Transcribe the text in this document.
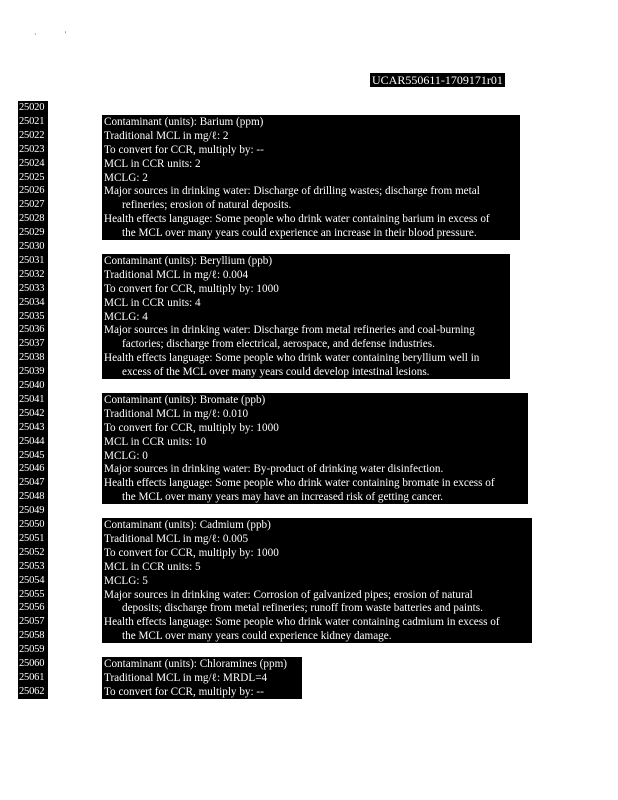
·	'
UCAR550611-1709171r01
25020
25021	Contaminant (units): Barium (ppm)
25022	Traditional MCL in mg/ℓ: 2
25023	To convert for CCR, multiply by: --
25024	MCL in CCR units: 2
25025	MCLG: 2
25026	Major sources in drinking water: Discharge of drilling wastes; discharge from metal
25027	refineries; erosion of natural deposits.
25028	Health effects language: Some people who drink water containing barium in excess of
25029	the MCL over many years could experience an increase in their blood pressure.
25030
25031	Contaminant (units): Beryllium (ppb)
25032	Traditional MCL in mg/ℓ: 0.004
25033	To convert for CCR, multiply by: 1000
25034	MCL in CCR units: 4
25035	MCLG: 4
25036	Major sources in drinking water: Discharge from metal refineries and coal-burning
25037	factories; discharge from electrical, aerospace, and defense industries.
25038	Health effects language: Some people who drink water containing beryllium well in
25039	excess of the MCL over many years could develop intestinal lesions.
25040
25041	Contaminant (units): Bromate (ppb)
25042	Traditional MCL in mg/ℓ: 0.010
25043	To convert for CCR, multiply by: 1000
25044	MCL in CCR units: 10
25045	MCLG: 0
25046	Major sources in drinking water: By-product of drinking water disinfection.
25047	Health effects language: Some people who drink water containing bromate in excess of
25048	the MCL over many years may have an increased risk of getting cancer.
25049
25050	Contaminant (units): Cadmium (ppb)
25051	Traditional MCL in mg/ℓ: 0.005
25052	To convert for CCR, multiply by: 1000
25053	MCL in CCR units: 5
25054	MCLG: 5
25055	Major sources in drinking water: Corrosion of galvanized pipes; erosion of natural
25056	deposits; discharge from metal refineries; runoff from waste batteries and paints.
25057	Health effects language: Some people who drink water containing cadmium in excess of
25058	the MCL over many years could experience kidney damage.
25059
25060	Contaminant (units): Chloramines (ppm)
25061	Traditional MCL in mg/ℓ: MRDL=4
25062	To convert for CCR, multiply by: --
